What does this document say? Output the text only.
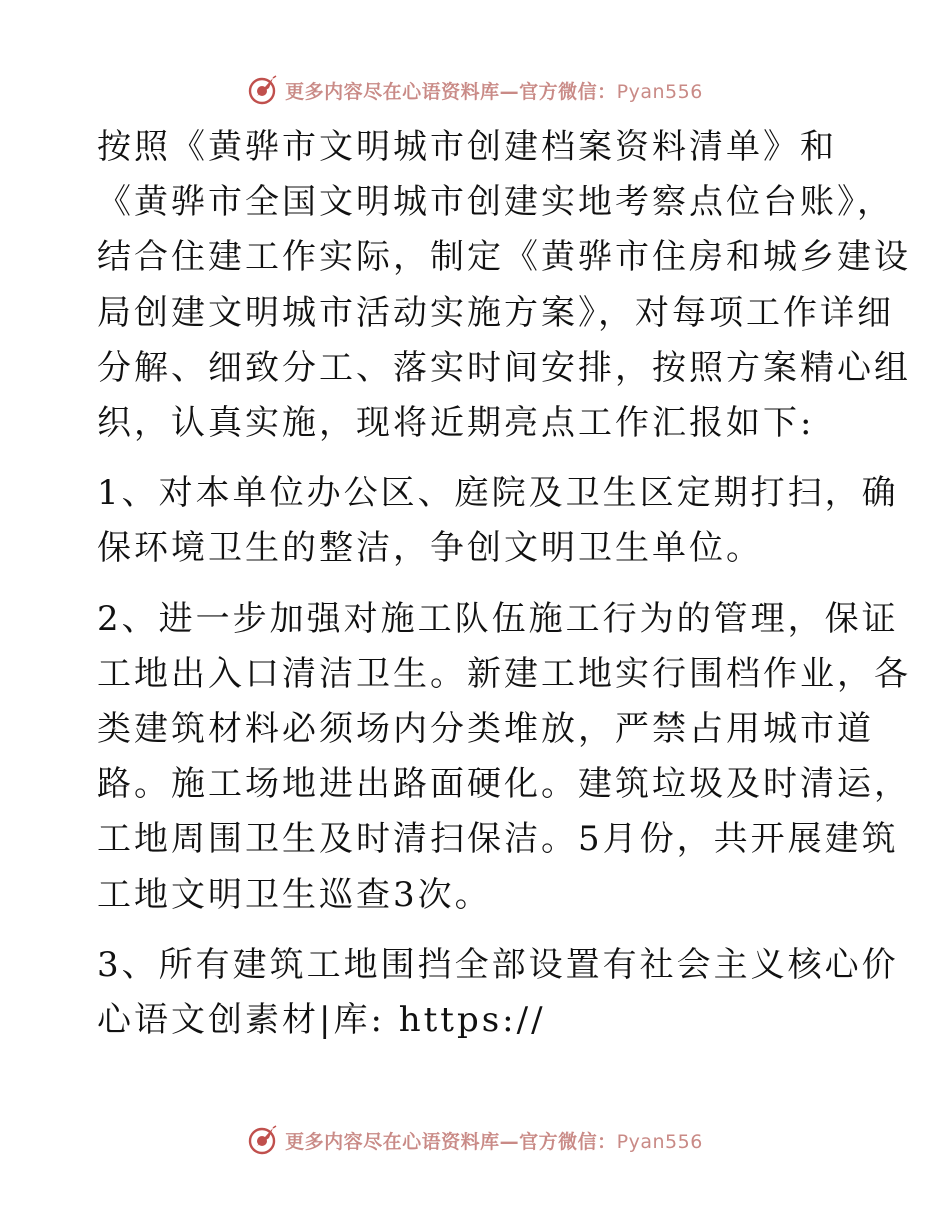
更多内容尽在心语资料库—官方微信：Pyan556
按照《黄骅市文明城市创建档案资料清单》和
《黄骅市全国文明城市创建实地考察点位台账》，
结合住建工作实际，制定《黄骅市住房和城乡建设
局创建文明城市活动实施方案》，对每项工作详细
分解、细致分工、落实时间安排，按照方案精心组
织，认真实施，现将近期亮点工作汇报如下:
1、对本单位办公区、庭院及卫生区定期打扫，确
保环境卫生的整洁，争创文明卫生单位。
2、进一步加强对施工队伍施工行为的管理，保证
工地出入口清洁卫生。新建工地实行围档作业，各
类建筑材料必须场内分类堆放，严禁占用城市道
路。施工场地进出路面硬化。建筑垃圾及时清运，
工地周围卫生及时清扫保洁。5月份，共开展建筑
工地文明卫生巡查3次。
3、所有建筑工地围挡全部设置有社会主义核心价
心语文创素材|库: https://
更多内容尽在心语资料库—官方微信：Pyan556
